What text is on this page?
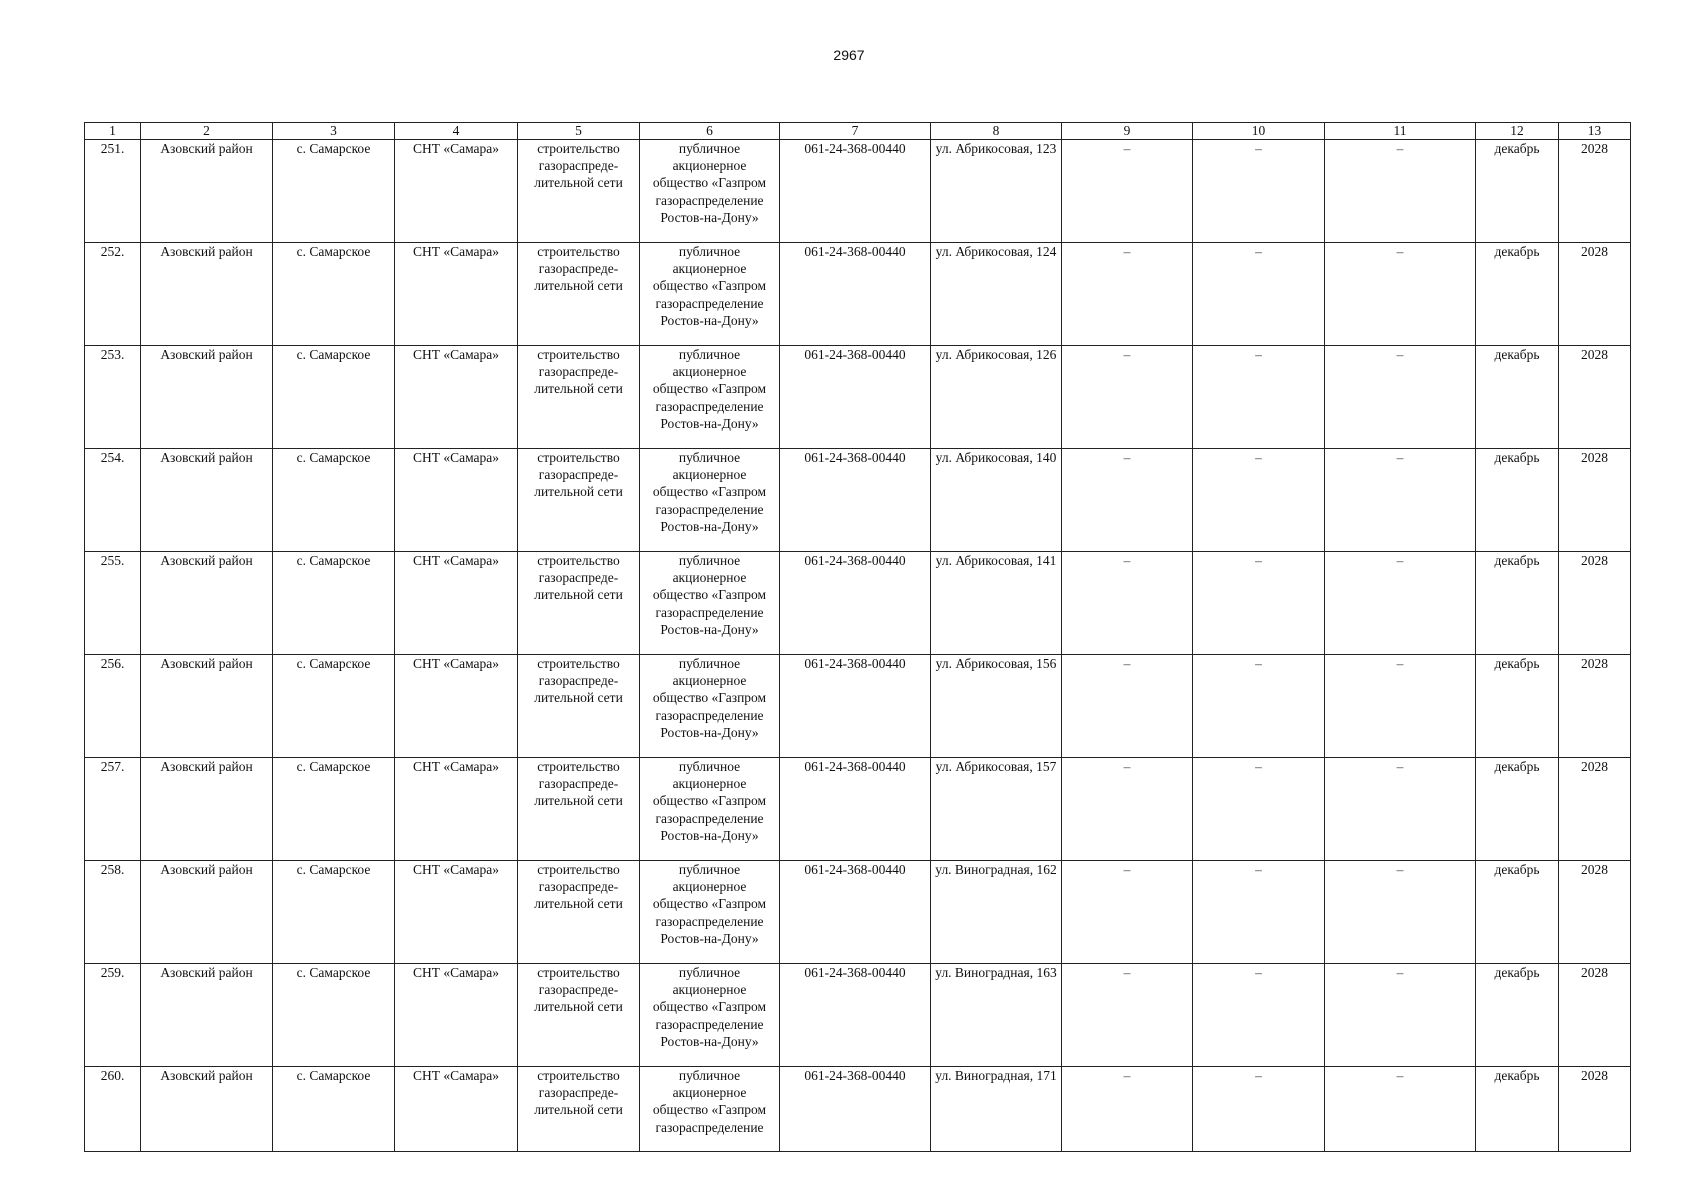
2967
1	2	3	4	5	6	7	8	9	10	11	12	13
251.	Азовский район	с. Самарское	СНТ «Самара»	строительство газораспреде-лительной сети	публичное акционерное общество «Газпром газораспределение Ростов-на-Дону»	061-24-368-00440	ул. Абрикосовая, 123	–	–	–	декабрь	2028
252.	Азовский район	с. Самарское	СНТ «Самара»	строительство газораспреде-лительной сети	публичное акционерное общество «Газпром газораспределение Ростов-на-Дону»	061-24-368-00440	ул. Абрикосовая, 124	–	–	–	декабрь	2028
253.	Азовский район	с. Самарское	СНТ «Самара»	строительство газораспреде-лительной сети	публичное акционерное общество «Газпром газораспределение Ростов-на-Дону»	061-24-368-00440	ул. Абрикосовая, 126	–	–	–	декабрь	2028
254.	Азовский район	с. Самарское	СНТ «Самара»	строительство газораспреде-лительной сети	публичное акционерное общество «Газпром газораспределение Ростов-на-Дону»	061-24-368-00440	ул. Абрикосовая, 140	–	–	–	декабрь	2028
255.	Азовский район	с. Самарское	СНТ «Самара»	строительство газораспреде-лительной сети	публичное акционерное общество «Газпром газораспределение Ростов-на-Дону»	061-24-368-00440	ул. Абрикосовая, 141	–	–	–	декабрь	2028
256.	Азовский район	с. Самарское	СНТ «Самара»	строительство газораспреде-лительной сети	публичное акционерное общество «Газпром газораспределение Ростов-на-Дону»	061-24-368-00440	ул. Абрикосовая, 156	–	–	–	декабрь	2028
257.	Азовский район	с. Самарское	СНТ «Самара»	строительство газораспреде-лительной сети	публичное акционерное общество «Газпром газораспределение Ростов-на-Дону»	061-24-368-00440	ул. Абрикосовая, 157	–	–	–	декабрь	2028
258.	Азовский район	с. Самарское	СНТ «Самара»	строительство газораспреде-лительной сети	публичное акционерное общество «Газпром газораспределение Ростов-на-Дону»	061-24-368-00440	ул. Виноградная, 162	–	–	–	декабрь	2028
259.	Азовский район	с. Самарское	СНТ «Самара»	строительство газораспреде-лительной сети	публичное акционерное общество «Газпром газораспределение Ростов-на-Дону»	061-24-368-00440	ул. Виноградная, 163	–	–	–	декабрь	2028
260.	Азовский район	с. Самарское	СНТ «Самара»	строительство газораспреде-лительной сети	публичное акционерное общество «Газпром газораспределение	061-24-368-00440	ул. Виноградная, 171	–	–	–	декабрь	2028
